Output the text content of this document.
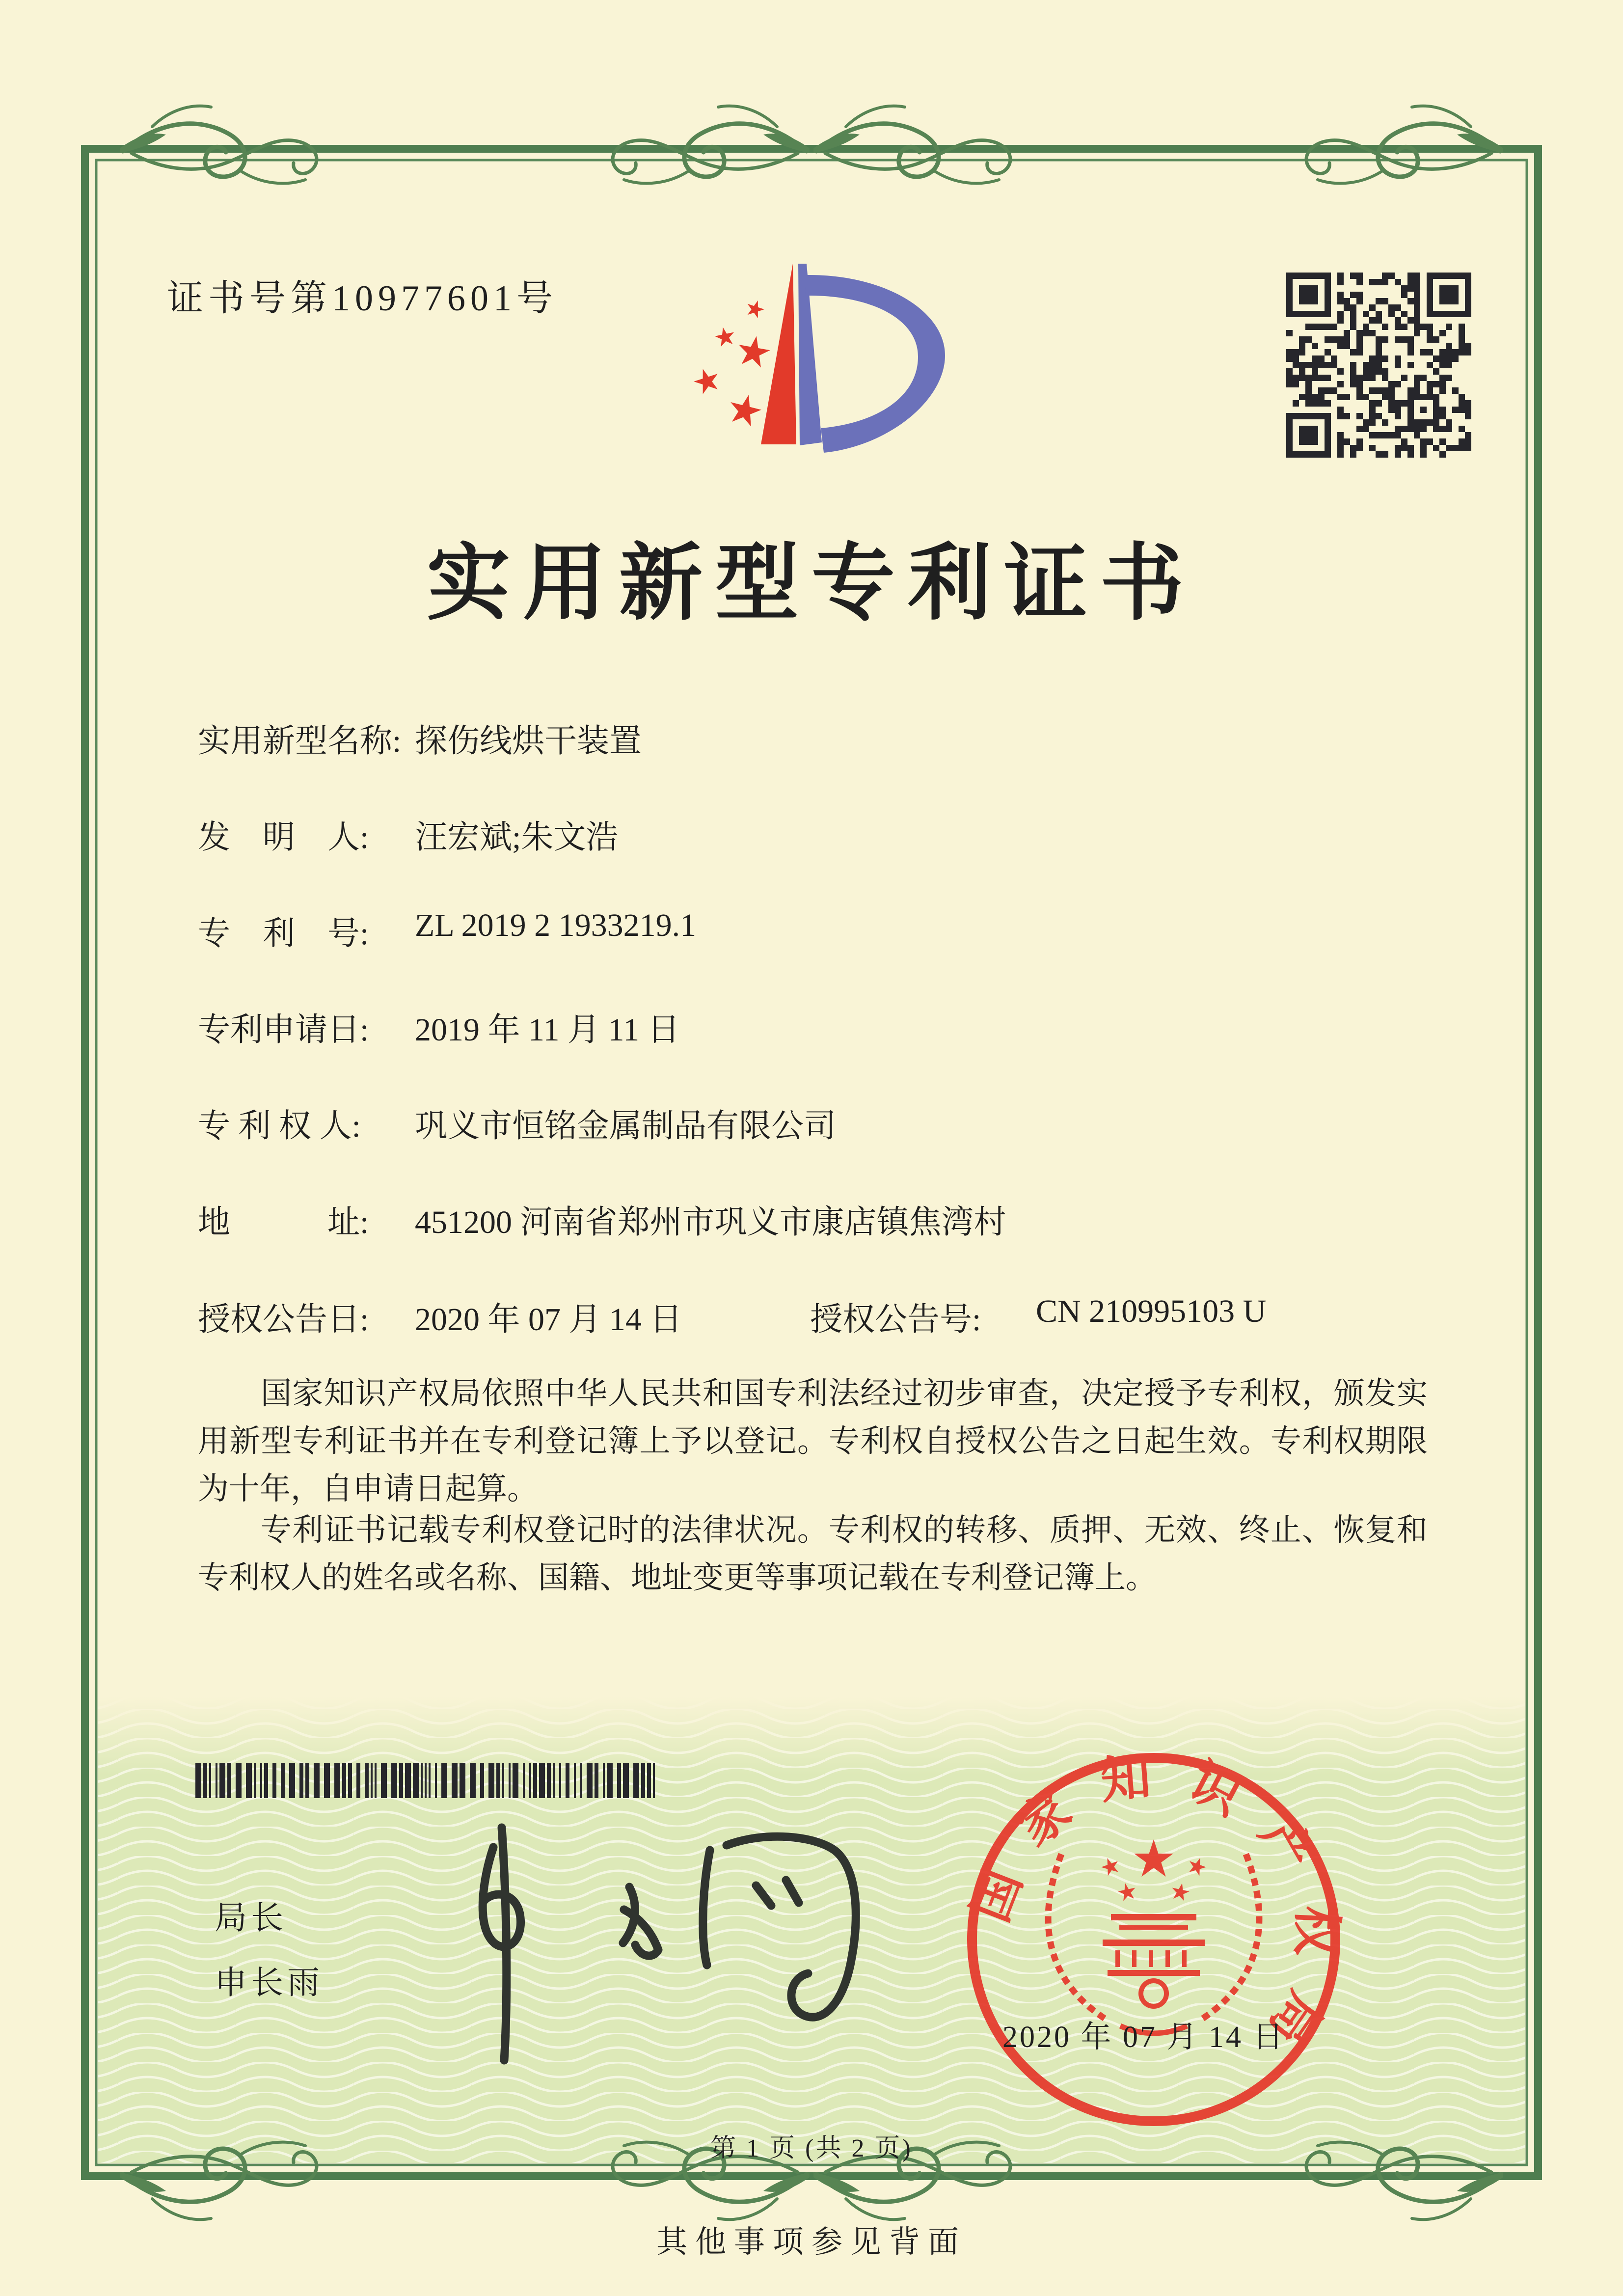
证书号第10977601号
实用新型专利证书
实用新型名称: 探伤线烘干装置
发　明　人: 汪宏斌;朱文浩
专　利　号: ZL 2019 2 1933219.1
专利申请日: 2019 年 11 月 11 日
专 利 权 人: 巩义市恒铭金属制品有限公司
地　　　址: 451200 河南省郑州市巩义市康店镇焦湾村
授权公告日: 2020 年 07 月 14 日	授权公告号: CN 210995103 U
国家知识产权局依照中华人民共和国专利法经过初步审查，决定授予专利权，颁发实用新型专利证书并在专利登记簿上予以登记。专利权自授权公告之日起生效。专利权期限为十年，自申请日起算。
专利证书记载专利权登记时的法律状况。专利权的转移、质押、无效、终止、恢复和专利权人的姓名或名称、国籍、地址变更等事项记载在专利登记簿上。
局长
申长雨
国家知识产权局
2020 年 07 月 14 日
第 1 页 (共 2 页)
其他事项参见背面
